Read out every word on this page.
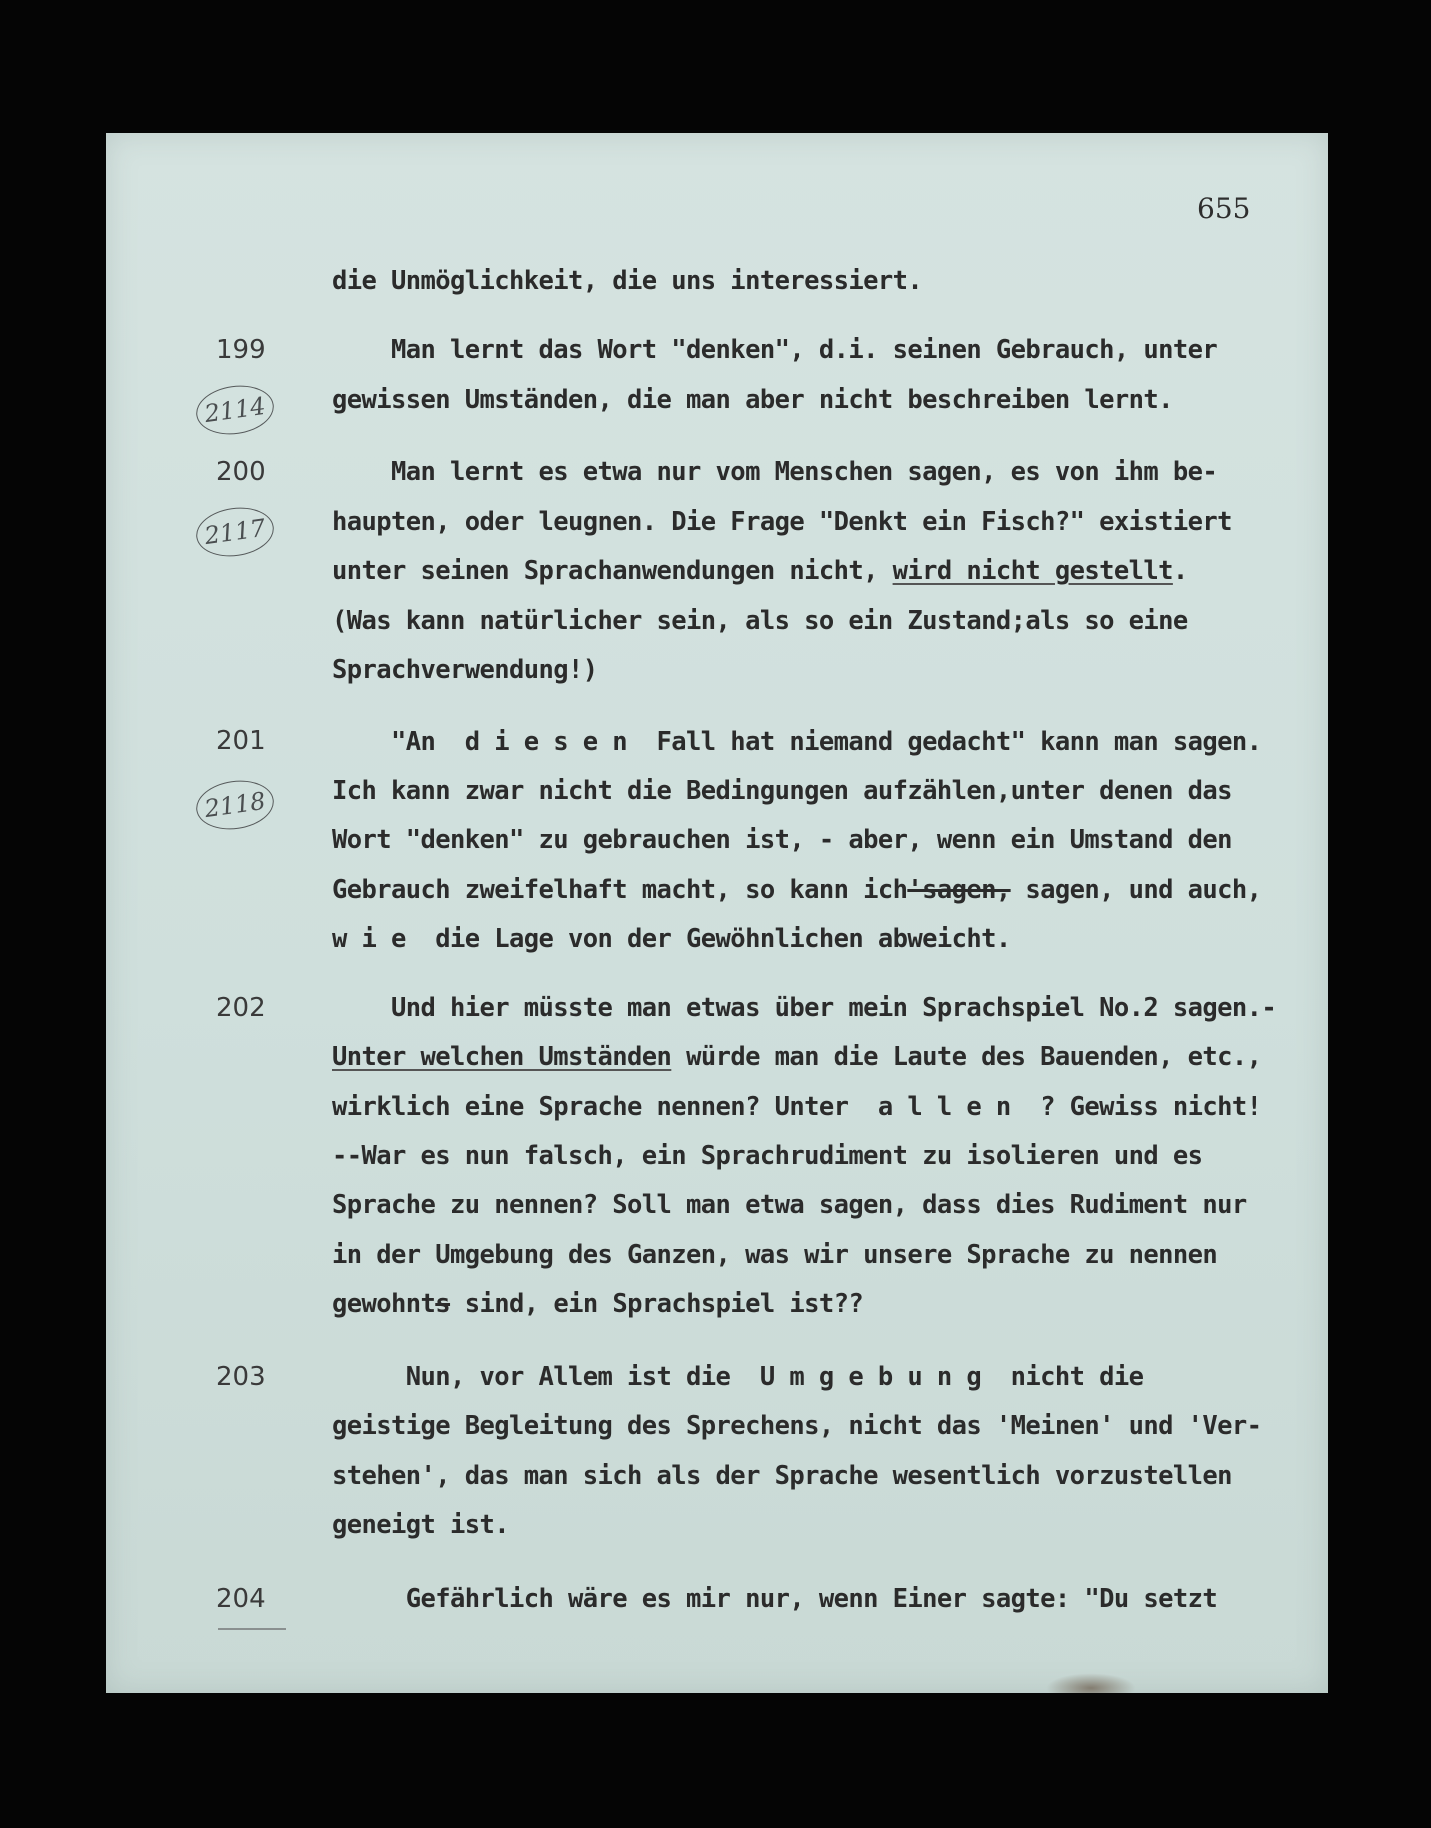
655
199
2114
200
2117
201
2118
202
203
204
die Unmöglichkeit, die uns interessiert.
Man lernt das Wort "denken", d.i. seinen Gebrauch, unter
gewissen Umständen, die man aber nicht beschreiben lernt.
Man lernt es etwa nur vom Menschen sagen, es von ihm be-
haupten, oder leugnen. Die Frage "Denkt ein Fisch?" existiert
unter seinen Sprachanwendungen nicht, wird nicht gestellt.
(Was kann natürlicher sein, als so ein Zustand;als so eine
Sprachverwendung!)
"An  d i e s e n  Fall hat niemand gedacht" kann man sagen.
Ich kann zwar nicht die Bedingungen aufzählen,unter denen das
Wort "denken" zu gebrauchen ist, - aber, wenn ein Umstand den
Gebrauch zweifelhaft macht, so kann ich'sagen, sagen, und auch,
w i e  die Lage von der Gewöhnlichen abweicht.
Und hier müsste man etwas über mein Sprachspiel No.2 sagen.-
Unter welchen Umständen würde man die Laute des Bauenden, etc.,
wirklich eine Sprache nennen? Unter  a l l e n  ? Gewiss nicht!
--War es nun falsch, ein Sprachrudiment zu isolieren und es
Sprache zu nennen? Soll man etwa sagen, dass dies Rudiment nur
in der Umgebung des Ganzen, was wir unsere Sprache zu nennen
gewohnts sind, ein Sprachspiel ist??
Nun, vor Allem ist die  U m g e b u n g  nicht die
geistige Begleitung des Sprechens, nicht das 'Meinen' und 'Ver-
stehen', das man sich als der Sprache wesentlich vorzustellen
geneigt ist.
Gefährlich wäre es mir nur, wenn Einer sagte: "Du setzt
